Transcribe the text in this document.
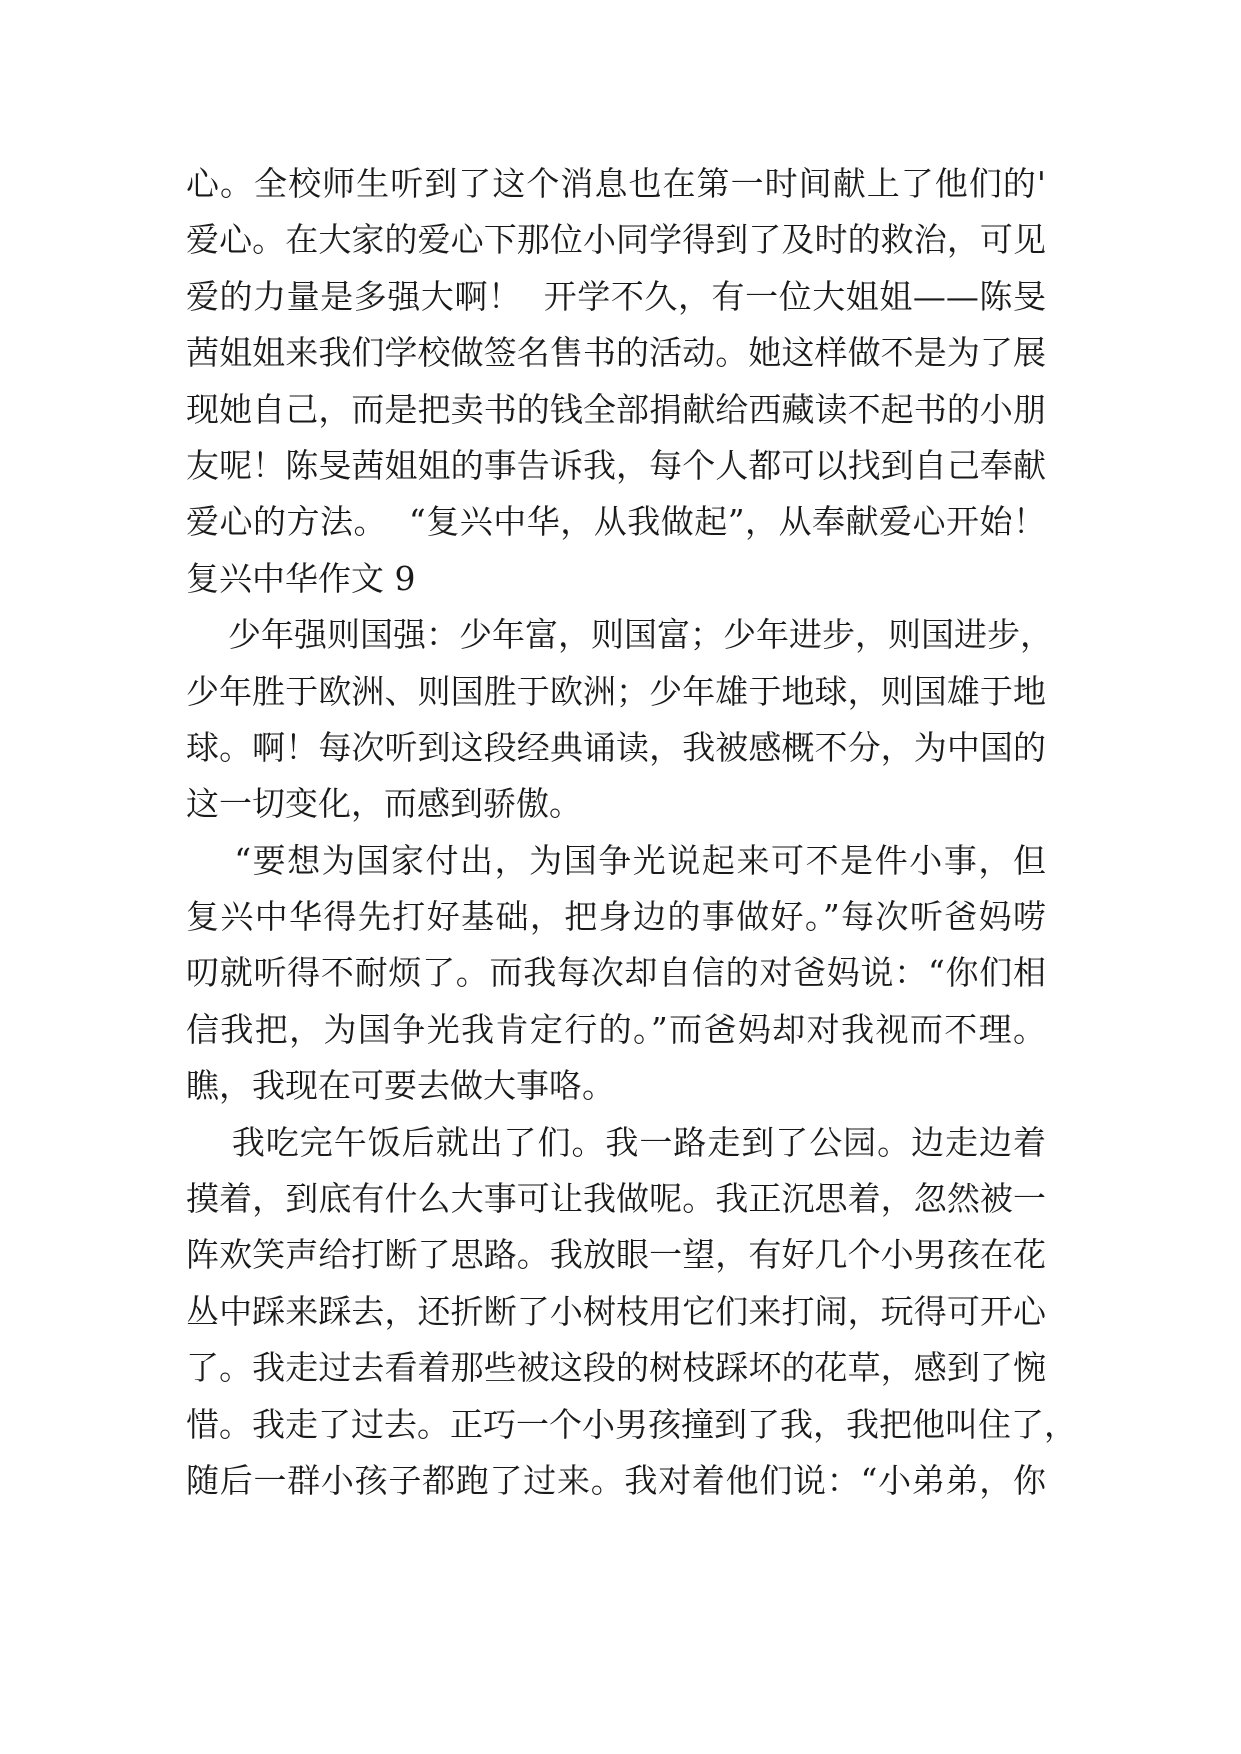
心。全校师生听到了这个消息也在第一时间献上了他们的'
爱心。在大家的爱心下那位小同学得到了及时的救治，可见
爱的力量是多强大啊！  开学不久，有一位大姐姐——陈旻
茜姐姐来我们学校做签名售书的活动。她这样做不是为了展
现她自己，而是把卖书的钱全部捐献给西藏读不起书的小朋
友呢！陈旻茜姐姐的事告诉我，每个人都可以找到自己奉献
爱心的方法。  “复兴中华，从我做起”，从奉献爱心开始！
复兴中华作文 9
少年强则国强：少年富，则国富；少年进步，则国进步，
少年胜于欧洲、则国胜于欧洲；少年雄于地球，则国雄于地
球。啊！每次听到这段经典诵读，我被感概不分，为中国的
这一切变化，而感到骄傲。
“要想为国家付出，为国争光说起来可不是件小事，但
复兴中华得先打好基础，把身边的事做好。”每次听爸妈唠
叨就听得不耐烦了。而我每次却自信的对爸妈说：“你们相
信我把，为国争光我肯定行的。”而爸妈却对我视而不理。
瞧，我现在可要去做大事咯。
我吃完午饭后就出了们。我一路走到了公园。边走边着
摸着，到底有什么大事可让我做呢。我正沉思着，忽然被一
阵欢笑声给打断了思路。我放眼一望，有好几个小男孩在花
丛中踩来踩去，还折断了小树枝用它们来打闹，玩得可开心
了。我走过去看着那些被这段的树枝踩坏的花草，感到了惋
惜。我走了过去。正巧一个小男孩撞到了我，我把他叫住了，
随后一群小孩子都跑了过来。我对着他们说：“小弟弟，你
